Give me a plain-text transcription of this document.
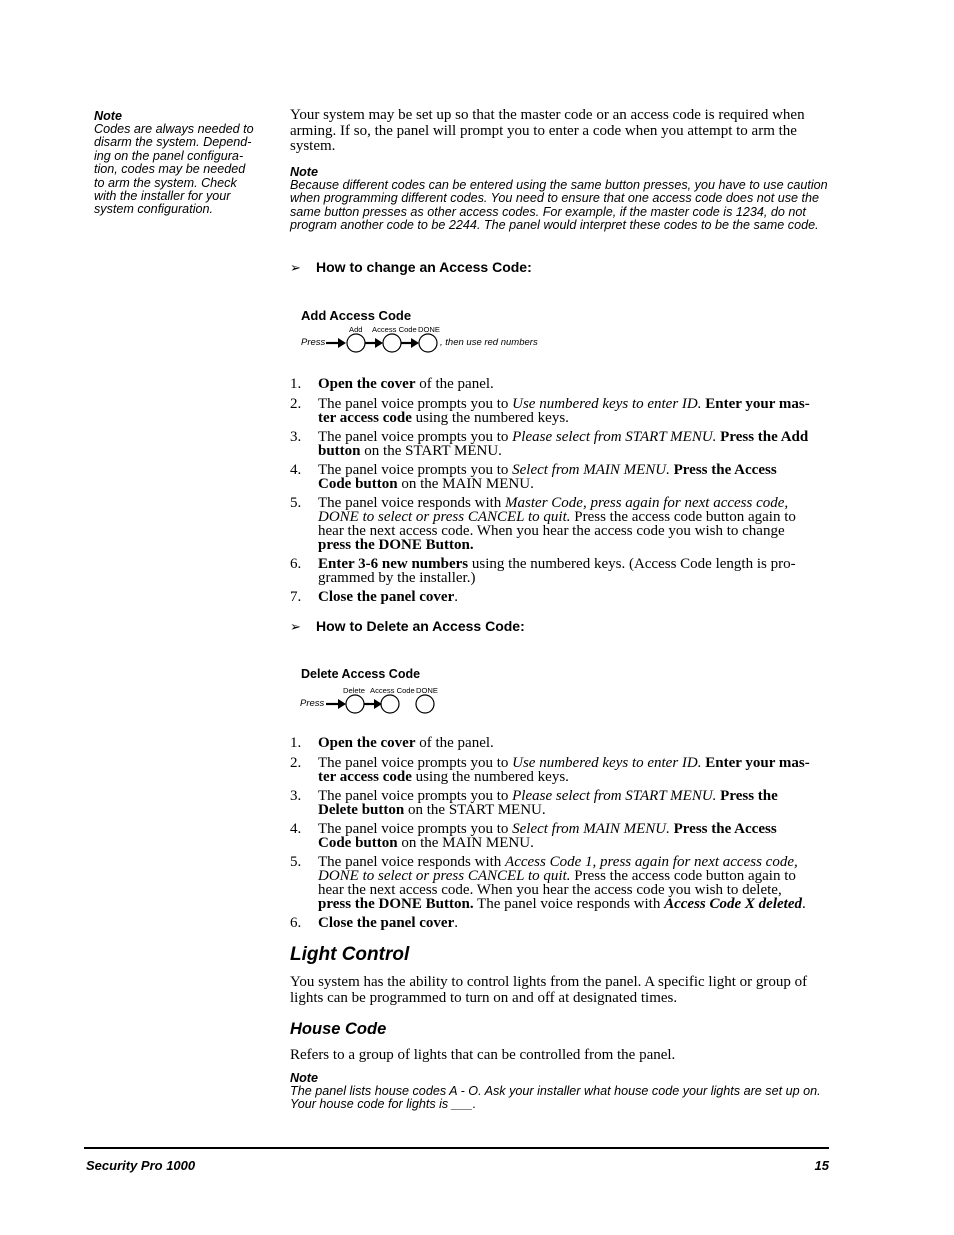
Note
Codes are always needed to
disarm the system. Depend-
ing on the panel configura-
tion, codes may be needed
to arm the system. Check
with the installer for your
system configuration.

Your system may be set up so that the master code or an access code is required when arming. If so, the panel will prompt you to enter a code when you attempt to arm the system.

Note
Because different codes can be entered using the same button presses, you have to use caution when programming different codes. You need to ensure that one access code does not use the same button presses as other access codes. For example, if the master code is 1234, do not program another code to be 2244. The panel would interpret these codes to be the same code.
➢ How to change an Access Code:
Add Access Code
Add Access Code DONE
Press	, then use red numbers
1. Open the cover of the panel.
2. The panel voice prompts you to Use numbered keys to enter ID. Enter your mas-
ter access code using the numbered keys.
3. The panel voice prompts you to Please select from START MENU. Press the Add
button on the START MENU.
4. The panel voice prompts you to Select from MAIN MENU. Press the Access
Code button on the MAIN MENU.
5. The panel voice responds with Master Code, press again for next access code,
DONE to select or press CANCEL to quit. Press the access code button again to
hear the next access code. When you hear the access code you wish to change
press the DONE Button.
6. Enter 3-6 new numbers using the numbered keys. (Access Code length is pro-
grammed by the installer.)
7. Close the panel cover.
➢ How to Delete an Access Code:
Delete Access Code
Delete Access Code DONE
Press
1. Open the cover of the panel.
2. The panel voice prompts you to Use numbered keys to enter ID. Enter your mas-
ter access code using the numbered keys.
3. The panel voice prompts you to Please select from START MENU. Press the
Delete button on the START MENU.
4. The panel voice prompts you to Select from MAIN MENU. Press the Access
Code button on the MAIN MENU.
5. The panel voice responds with Access Code 1, press again for next access code,
DONE to select or press CANCEL to quit. Press the access code button again to
hear the next access code. When you hear the access code you wish to delete,
press the DONE Button. The panel voice responds with Access Code X deleted.
6. Close the panel cover.
Light Control

You system has the ability to control lights from the panel. A specific light or group of lights can be programmed to turn on and off at designated times.

House Code

Refers to a group of lights that can be controlled from the panel.

Note
The panel lists house codes A - O. Ask your installer what house code your lights are set up on. Your house code for lights is ___.
Security Pro 1000	15
